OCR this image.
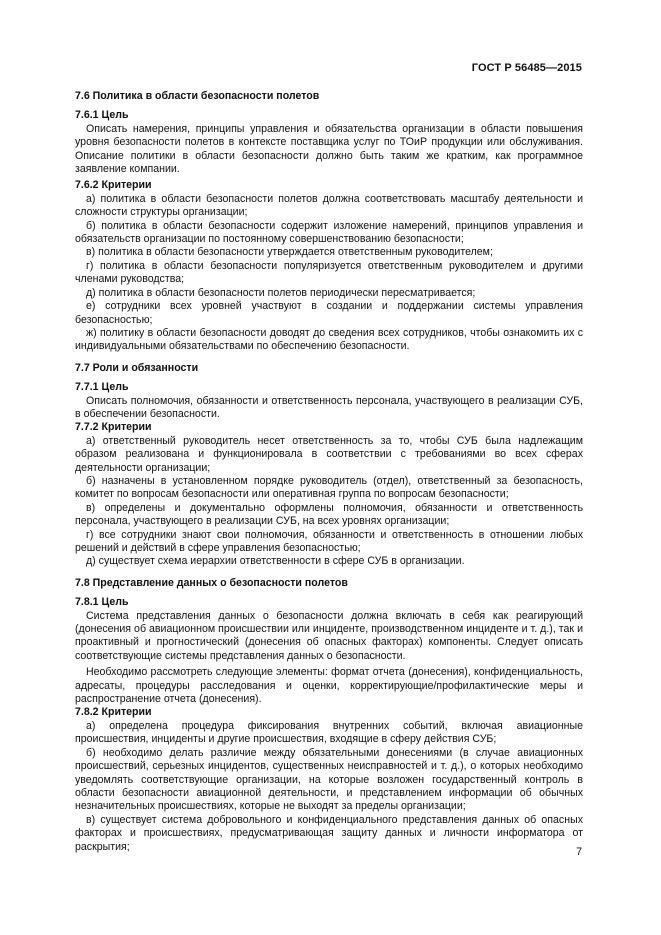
ГОСТ Р 56485—2015
7.6 Политика в области безопасности полетов
7.6.1 Цель
Описать намерения, принципы управления и обязательства организации в области повышения уровня безопасности полетов в контексте поставщика услуг по ТОиР продукции или обслуживания. Описание политики в области безопасности должно быть таким же кратким, как программное заявление компании.
7.6.2 Критерии
а) политика в области безопасности полетов должна соответствовать масштабу деятельности и сложности структуры организации;
б) политика в области безопасности содержит изложение намерений, принципов управления и обязательств организации по постоянному совершенствованию безопасности;
в) политика в области безопасности утверждается ответственным руководителем;
г) политика в области безопасности популяризуется ответственным руководителем и другими членами руководства;
д) политика в области безопасности полетов периодически пересматривается;
е) сотрудники всех уровней участвуют в создании и поддержании системы управления безопасностью;
ж) политику в области безопасности доводят до сведения всех сотрудников, чтобы ознакомить их с индивидуальными обязательствами по обеспечению безопасности.
7.7 Роли и обязанности
7.7.1 Цель
Описать полномочия, обязанности и ответственность персонала, участвующего в реализации СУБ, в обеспечении безопасности.
7.7.2 Критерии
а) ответственный руководитель несет ответственность за то, чтобы СУБ была надлежащим образом реализована и функционировала в соответствии с требованиями во всех сферах деятельности организации;
б) назначены в установленном порядке руководитель (отдел), ответственный за безопасность, комитет по вопросам безопасности или оперативная группа по вопросам безопасности;
в) определены и документально оформлены полномочия, обязанности и ответственность персонала, участвующего в реализации СУБ, на всех уровнях организации;
г) все сотрудники знают свои полномочия, обязанности и ответственность в отношении любых решений и действий в сфере управления безопасностью;
д) существует схема иерархии ответственности в сфере СУБ в организации.
7.8 Представление данных о безопасности полетов
7.8.1 Цель
Система представления данных о безопасности должна включать в себя как реагирующий (донесения об авиационном происшествии или инциденте, производственном инциденте и т. д.), так и проактивный и прогностический (донесения об опасных факторах) компоненты. Следует описать соответствующие системы представления данных о безопасности.
Необходимо рассмотреть следующие элементы: формат отчета (донесения), конфиденциальность, адресаты, процедуры расследования и оценки, корректирующие/профилактические меры и распространение отчета (донесения).
7.8.2 Критерии
а) определена процедура фиксирования внутренних событий, включая авиационные происшествия, инциденты и другие происшествия, входящие в сферу действия СУБ;
б) необходимо делать различие между обязательными донесениями (в случае авиационных происшествий, серьезных инцидентов, существенных неисправностей и т. д.), о которых необходимо уведомлять соответствующие организации, на которые возложен государственный контроль в области безопасности авиационной деятельности, и представлением информации об обычных незначительных происшествиях, которые не выходят за пределы организации;
в) существует система добровольного и конфиденциального представления данных об опасных факторах и происшествиях, предусматривающая защиту данных и личности информатора от раскрытия;	7
